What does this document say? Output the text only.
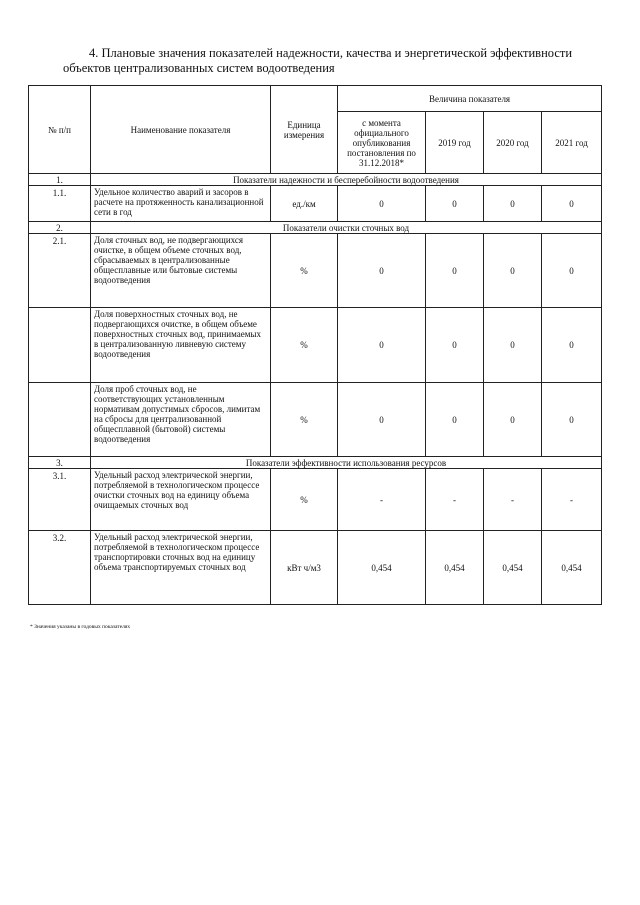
4. Плановые значения показателей надежности, качества и энергетической эффективности
объектов централизованных систем водоотведения
№ п/п	Наименование показателя	Единица измерения	Величина показателя			
			с момента официального опубликования постановления по 31.12.2018*	2019 год	2020 год	2021 год
1.	Показатели надежности и бесперебойности водоотведения					
1.1.	Удельное количество аварий и засоров в расчете на протяженность канализационной сети в год	ед./км	0	0	0	0
2.	Показатели очистки сточных вод					
2.1.	Доля сточных вод, не подвергающихся очистке, в общем объеме сточных вод, сбрасываемых в централизованные общесплавные или бытовые системы водоотведения	%	0	0	0	0
	Доля поверхностных сточных вод, не подвергающихся очистке, в общем объеме поверхностных сточных вод, принимаемых в централизованную ливневую систему водоотведения	%	0	0	0	0
	Доля проб сточных вод, не соответствующих установленным нормативам допустимых сбросов, лимитам на сбросы для централизованной общесплавной (бытовой) системы водоотведения	%	0	0	0	0
3.	Показатели эффективности использования ресурсов					
3.1.	Удельный расход электрической энергии, потребляемой в технологическом процессе очистки сточных вод на единицу объема очищаемых сточных вод	%	-	-	-	-
3.2.	Удельный расход электрической энергии, потребляемой в технологическом процессе транспортировки сточных вод на единицу объема транспортируемых сточных вод	кВт ч/м3	0,454	0,454	0,454	0,454
* Значения указаны в годовых показателях
